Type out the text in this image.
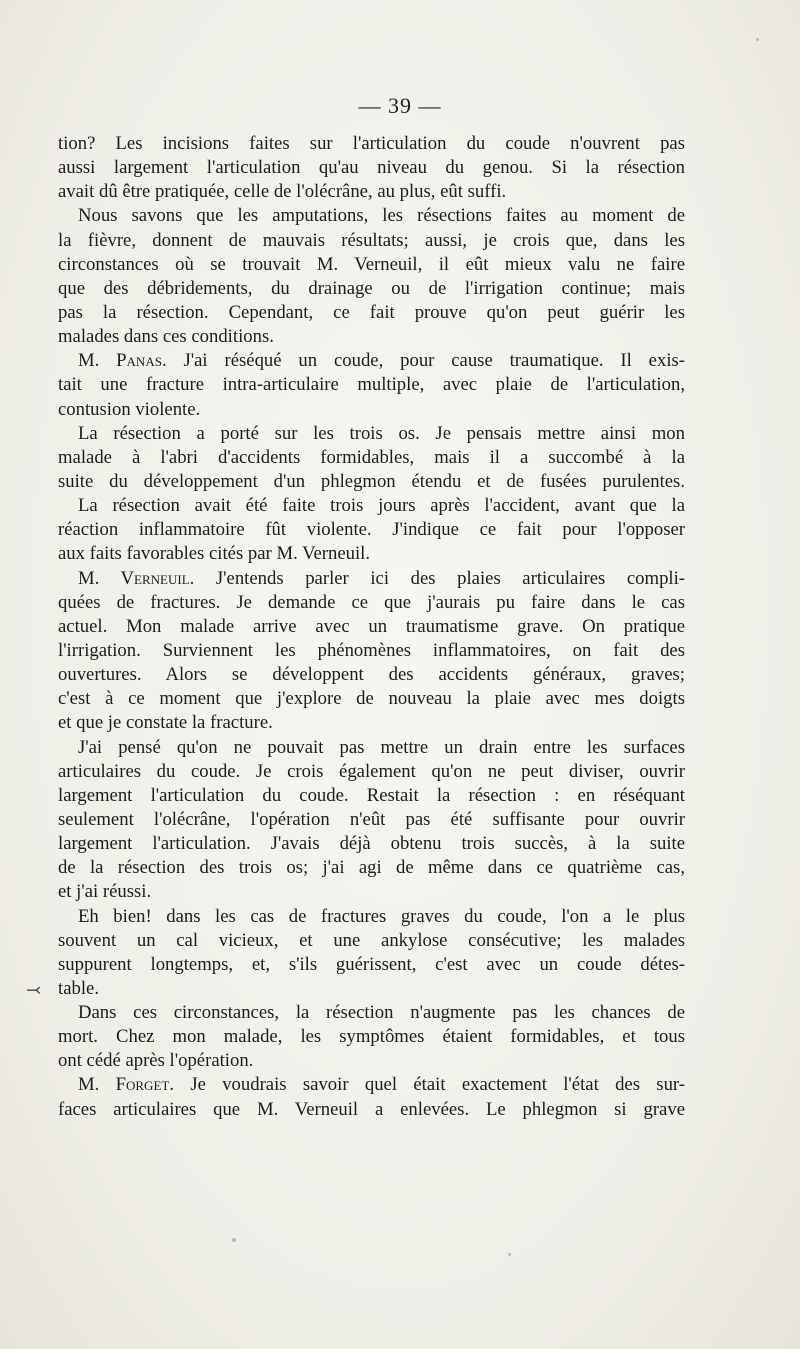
— 39 —
⤙
tion? Les incisions faites sur l'articulation du coude n'ouvrent pas
aussi largement l'articulation qu'au niveau du genou. Si la résection
avait dû être pratiquée, celle de l'olécrâne, au plus, eût suffi.
Nous savons que les amputations, les résections faites au moment de
la fièvre, donnent de mauvais résultats; aussi, je crois que, dans les
circonstances où se trouvait M. Verneuil, il eût mieux valu ne faire
que des débridements, du drainage ou de l'irrigation continue; mais
pas la résection. Cependant, ce fait prouve qu'on peut guérir les
malades dans ces conditions.
M. Panas. J'ai réséqué un coude, pour cause traumatique. Il exis-
tait une fracture intra-articulaire multiple, avec plaie de l'articulation,
contusion violente.
La résection a porté sur les trois os. Je pensais mettre ainsi mon
malade à l'abri d'accidents formidables, mais il a succombé à la
suite du développement d'un phlegmon étendu et de fusées purulentes.
La résection avait été faite trois jours après l'accident, avant que la
réaction inflammatoire fût violente. J'indique ce fait pour l'opposer
aux faits favorables cités par M. Verneuil.
M. Verneuil. J'entends parler ici des plaies articulaires compli-
quées de fractures. Je demande ce que j'aurais pu faire dans le cas
actuel. Mon malade arrive avec un traumatisme grave. On pratique
l'irrigation. Surviennent les phénomènes inflammatoires, on fait des
ouvertures. Alors se développent des accidents généraux, graves;
c'est à ce moment que j'explore de nouveau la plaie avec mes doigts
et que je constate la fracture.
J'ai pensé qu'on ne pouvait pas mettre un drain entre les surfaces
articulaires du coude. Je crois également qu'on ne peut diviser, ouvrir
largement l'articulation du coude. Restait la résection : en réséquant
seulement l'olécrâne, l'opération n'eût pas été suffisante pour ouvrir
largement l'articulation. J'avais déjà obtenu trois succès, à la suite
de la résection des trois os; j'ai agi de même dans ce quatrième cas,
et j'ai réussi.
Eh bien! dans les cas de fractures graves du coude, l'on a le plus
souvent un cal vicieux, et une ankylose consécutive; les malades
suppurent longtemps, et, s'ils guérissent, c'est avec un coude détes-
table.
Dans ces circonstances, la résection n'augmente pas les chances de
mort. Chez mon malade, les symptômes étaient formidables, et tous
ont cédé après l'opération.
M. Forget. Je voudrais savoir quel était exactement l'état des sur-
faces articulaires que M. Verneuil a enlevées. Le phlegmon si grave
